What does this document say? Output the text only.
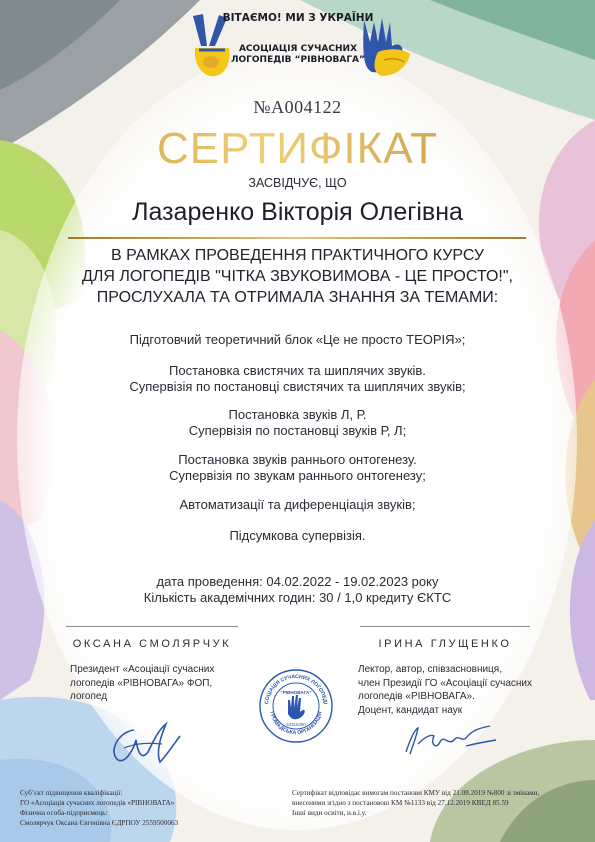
ВІТАЄМО! МИ З УКРАЇНИ
АСОЦІАЦІЯ СУЧАСНИХ
ЛОГОПЕДІВ “РІВНОВАГА”
№А004122
СЕРТИФІКАТ
ЗАСВІДЧУЄ, ЩО
Лазаренко Вікторія Олегівна
В РАМКАХ ПРОВЕДЕННЯ ПРАКТИЧНОГО КУРСУ
ДЛЯ ЛОГОПЕДІВ "ЧІТКА ЗВУКОВИМОВА - ЦЕ ПРОСТО!",
ПРОСЛУХАЛА ТА ОТРИМАЛА ЗНАННЯ ЗА ТЕМАМИ:
Підготовчий теоретичний блок «Це не просто ТЕОРІЯ»;
Постановка свистячих та шиплячих звуків.
Супервізія по постановці свистячих та шиплячих звуків;
Постановка звуків Л, Р.
Супервізія по постановці звуків Р, Л;
Постановка звуків раннього онтогенезу.
Супервізія по звукам раннього онтогенезу;
Автоматизації та диференціація звуків;
Підсумкова супервізія.
дата проведення: 04.02.2022 - 19.02.2023 року
Кількість академічних годин: 30 / 1,0 кредиту ЄКТС
ОКСАНА СМОЛЯРЧУК	ІРИНА ГЛУЩЕНКО
Президент «Асоціації сучасних
логопедів «РІВНОВАГА» ФОП,
логопед
Лектор, автор, співзасновниця,
член Президії ГО «Асоціації сучасних
логопедів «РІВНОВАГА».
Доцент, кандидат наук
СОЦІАЦІЯ СУЧАСНИХ ЛОГОПЕДІ
ГРОМАДСЬКА ОРГАНІЗАЦІЯ
“РІВНОВАГА”
44316350
Суб’єкт підвищення кваліфікації:
ГО «Асоціація сучасних логопедів «РІВНОВАГА»
Фізична особа-підприємець:
Смолярчук Оксана Євгенівна ЄДРПОУ 2559500063
Сертифікат відповідає вимогам постанови КМУ від 21.08.2019 №800 зі змінами,
внесеними згідно з постановою КМ №1133 від 27.12.2019 КВЕД 85.59
Інші види освіти, н.в.і.у.
